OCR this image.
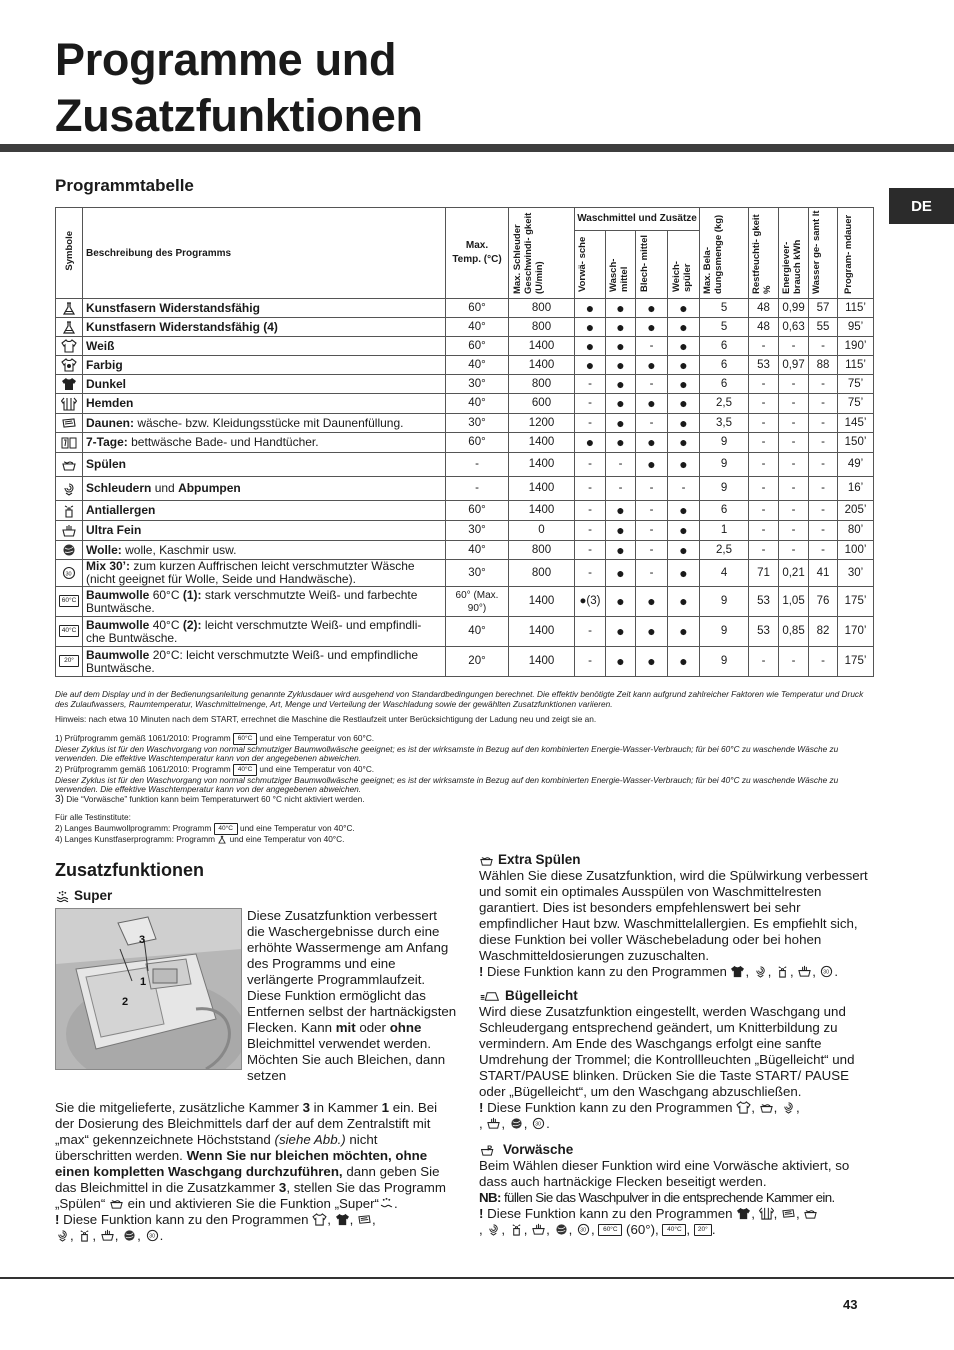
Programme und
Zusatzfunktionen
DE
Programmtabelle
Symbole	Beschreibung des Programms	Max. Temp. (°C)	Max. Schleuder Geschwindi- gkeit (U/min)	Waschmittel und Zusätze				Max. Bela- dungsmenge (kg)	Restfeuchti- gkeit %	Energiever- brauch kWh	Wasser ge- samt lt	Program- mdauer
				Vorwä- sche	Wasch- mittel	Blech- mittel	Weich- spüler					

	Kunstfasern Widerstandsfähig	60°	800	●	●	●	●	5	48	0,99	57	115’

	Kunstfasern Widerstandsfähig (4)	40°	800	●	●	●	●	5	48	0,63	55	95’

	Weiß	60°	1400	●	●	-	●	6	-	-	-	190’

	Farbig	40°	1400	●	●	●	●	6	53	0,97	88	115’

	Dunkel	30°	800	-	●	-	●	6	-	-	-	75’

	Hemden	40°	600	-	●	●	●	2,5	-	-	-	75’

	Daunen: wäsche- bzw. Kleidungsstücke mit Daunenfüllung.	30°	1200	-	●	-	●	3,5	-	-	-	145’

	7-Tage: bettwäsche Bade- und Handtücher.	60°	1400	●	●	●	●	9	-	-	-	150’

	Spülen	-	1400	-	-	●	●	9	-	-	-	49’

	Schleudern und Abpumpen	-	1400	-	-	-	-	9	-	-	-	16’

	Antiallergen	60°	1400	-	●	-	●	6	-	-	-	205’

	Ultra Fein	30°	0	-	●	-	●	1	-	-	-	80’

	Wolle: wolle, Kaschmir usw.	40°	800	-	●	-	●	2,5	-	-	-	100’

30	Mix 30’: zum kurzen Auffrischen leicht verschmutzter Wäsche (nicht geeignet für Wolle, Seide und Handwäsche).	30°	800	-	●	-	●	4	71	0,21	41	30’
60°C	Baumwolle 60°C (1): stark verschmutzte Weiß- und farbechte Buntwäsche.	60° (Max. 90°)	1400	●(3)	●	●	●	9	53	1,05	76	175’
40°C	Baumwolle 40°C (2): leicht verschmutzte Weiß- und empfindli- che Buntwäsche.	40°	1400	-	●	●	●	9	53	0,85	82	170’
20°	Baumwolle 20°C: leicht verschmutzte Weiß- und empfindliche Buntwäsche.	20°	1400	-	●	●	●	9	-	-	-	175’

Die auf dem Display und in der Bedienungsanleitung genannte Zyklusdauer wird ausgehend von Standardbedingungen berechnet. Die effektiv benötigte Zeit kann aufgrund zahlreicher Faktoren wie Temperatur und Druck des Zulaufwassers, Raumtemperatur, Waschmittelmenge, Art, Menge und Verteilung der Waschladung sowie der gewählten Zusatzfunktionen variieren.

Hinweis: nach etwa 10 Minuten nach dem START, errechnet die Maschine die Restlaufzeit unter Berücksichtigung der Ladung neu und zeigt sie an.

1) Prüfprogramm gemäß 1061/2010: Programm 60°C und eine Temperatur von 60°C.

Dieser Zyklus ist für den Waschvorgang von normal schmutziger Baumwollwäsche geeignet; es ist der wirksamste in Bezug auf den kombinierten Energie-Wasser-Verbrauch; für bei 60°C zu waschende Wäsche zu verwenden. Die effektive Waschtemperatur kann von der angegebenen abweichen.

2) Prüfprogramm gemäß 1061/2010: Programm 40°C und eine Temperatur von 40°C.

Dieser Zyklus ist für den Waschvorgang von normal schmutziger Baumwollwäsche geeignet; es ist der wirksamste in Bezug auf den kombinierten Energie-Wasser-Verbrauch; für bei 40°C zu waschende Wäsche zu verwenden. Die effektive Waschtemperatur kann von der angegebenen abweichen.

3) Die “Vorwäsche” funktion kann beim Temperaturwert 60 °C nicht aktiviert werden.

Für alle Testinstitute:

2) Langes Baumwollprogramm: Programm 40°C und eine Temperatur von 40°C.

4) Langes Kunstfaserprogramm: Programm und eine Temperatur von 40°C.

Zusatzfunktionen
Super
3
1
2
Diese Zusatzfunktion verbessert die Waschergebnisse durch eine erhöhte Wassermenge am Anfang des Programms und eine verlängerte Programmlaufzeit. Diese Funktion ermöglicht das Entfernen selbst der hartnäckigsten Flecken. Kann mit oder ohne Bleichmittel verwendet werden. Möchten Sie auch Bleichen, dann setzen
Sie die mitgelieferte, zusätzliche Kammer 3 in Kammer 1 ein. Bei der Dosierung des Bleichmittels darf der auf dem Zentralstift mit „max“ gekennzeichnete Höchststand (siehe Abb.) nicht überschritten werden. Wenn Sie nur bleichen möchten, ohne einen kompletten Waschgang durchzuführen, dann geben Sie das Bleichmittel in die Zusatzkammer 3, stellen Sie das Programm „Spülen“  ein und aktivieren Sie die Funktion „Super“ .
! Diese Funktion kann zu den Programmen , , ,
, , , , 30 .
Extra Spülen

Wählen Sie diese Zusatzfunktion, wird die Spülwirkung verbessert und somit ein optimales Ausspülen von Waschmittelresten garantiert. Dies ist besonders empfehlenswert bei sehr empfindlicher Haut bzw. Waschmittelallergien. Es empfiehlt sich, diese Funktion bei voller Wäschebeladung oder bei hohen Waschmitteldosierungen zuzuschalten.

! Diese Funktion kann zu den Programmen , , , , 30 .

Bügelleicht

Wird diese Zusatzfunktion eingestellt, werden Waschgang und Schleudergang entsprechend geändert, um Knitterbildung zu vermindern. Am Ende des Waschgangs erfolgt eine sanfte Umdrehung der Trommel; die Kontrollleuchten „Bügelleicht“ und START/PAUSE blinken. Drücken Sie die Taste START/ PAUSE oder „Bügelleicht“, um den Waschgang abzuschließen.

! Diese Funktion kann zu den Programmen , , ,
, , , 30 .

P Vorwäsche

Beim Wählen dieser Funktion wird eine Vorwäsche aktiviert, so dass auch hartnäckige Flecken beseitigt werden.

NB: füllen Sie das Waschpulver in die entsprechende Kammer ein.

! Diese Funktion kann zu den Programmen , , ,
, , , , , 30 , 60°C (60°), 40°C , 20° .

43
